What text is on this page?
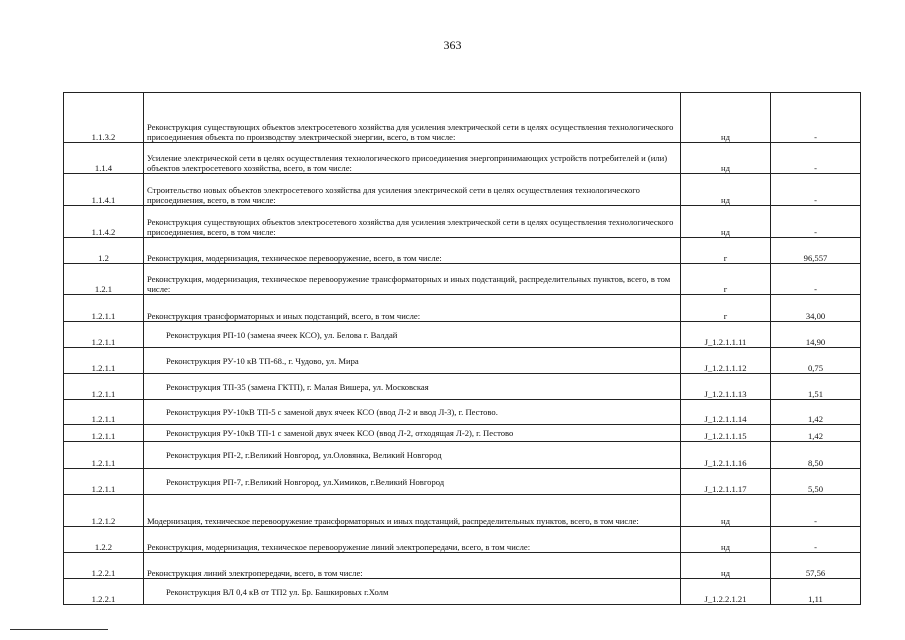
363
1.1.3.2	Реконструкция существующих объектов электросетевого хозяйства для усиления электрической сети в целях осуществления технологического присоединения объекта по производству электрической энергии, всего, в том числе:	нд	-
1.1.4	Усиление электрической сети в целях осуществления технологического присоединения энергопринимающих устройств потребителей и (или) объектов электросетевого хозяйства, всего, в том числе:	нд	-
1.1.4.1	Строительство новых объектов электросетевого хозяйства для усиления электрической сети в целях осуществления технологического присоединения, всего, в том числе:	нд	-
1.1.4.2	Реконструкция существующих объектов электросетевого хозяйства для усиления электрической сети в целях осуществления технологического присоединения, всего, в том числе:	нд	-
1.2	Реконструкция, модернизация, техническое перевооружение, всего, в том числе:	г	96,557
1.2.1	Реконструкция, модернизация, техническое перевооружение трансформаторных и иных подстанций, распределительных пунктов, всего, в том числе:	г	-
1.2.1.1	Реконструкция трансформаторных и иных подстанций, всего, в том числе:	г	34,00
1.2.1.1	Реконструкция РП-10 (замена ячеек КСО), ул. Белова г. Валдай	J_1.2.1.1.11	14,90
1.2.1.1	Реконструкция РУ-10 кВ ТП-68., г. Чудово, ул. Мира	J_1.2.1.1.12	0,75
1.2.1.1	Реконструкция ТП-35 (замена ГКТП), г. Малая Вишера, ул. Московская	J_1.2.1.1.13	1,51
1.2.1.1	Реконструкция РУ-10кВ ТП-5 с заменой двух ячеек КСО (ввод Л-2 и ввод Л-3), г. Пестово.	J_1.2.1.1.14	1,42
1.2.1.1	Реконструкция РУ-10кВ ТП-1 с заменой двух ячеек КСО (ввод Л-2, отходящая Л-2), г. Пестово	J_1.2.1.1.15	1,42
1.2.1.1	Реконструкция РП-2, г.Великий Новгород, ул.Оловянка, Великий Новгород	J_1.2.1.1.16	8,50
1.2.1.1	Реконструкция РП-7, г.Великий Новгород, ул.Химиков, г.Великий Новгород	J_1.2.1.1.17	5,50
1.2.1.2	Модернизация, техническое перевооружение трансформаторных и иных подстанций, распределительных пунктов, всего, в том числе:	нд	-
1.2.2	Реконструкция, модернизация, техническое перевооружение линий электропередачи, всего, в том числе:	нд	-
1.2.2.1	Реконструкция линий электропередачи, всего, в том числе:	нд	57,56
1.2.2.1	Реконструкция ВЛ 0,4 кВ от ТП2 ул. Бр. Башкировых г.Холм	J_1.2.2.1.21	1,11
